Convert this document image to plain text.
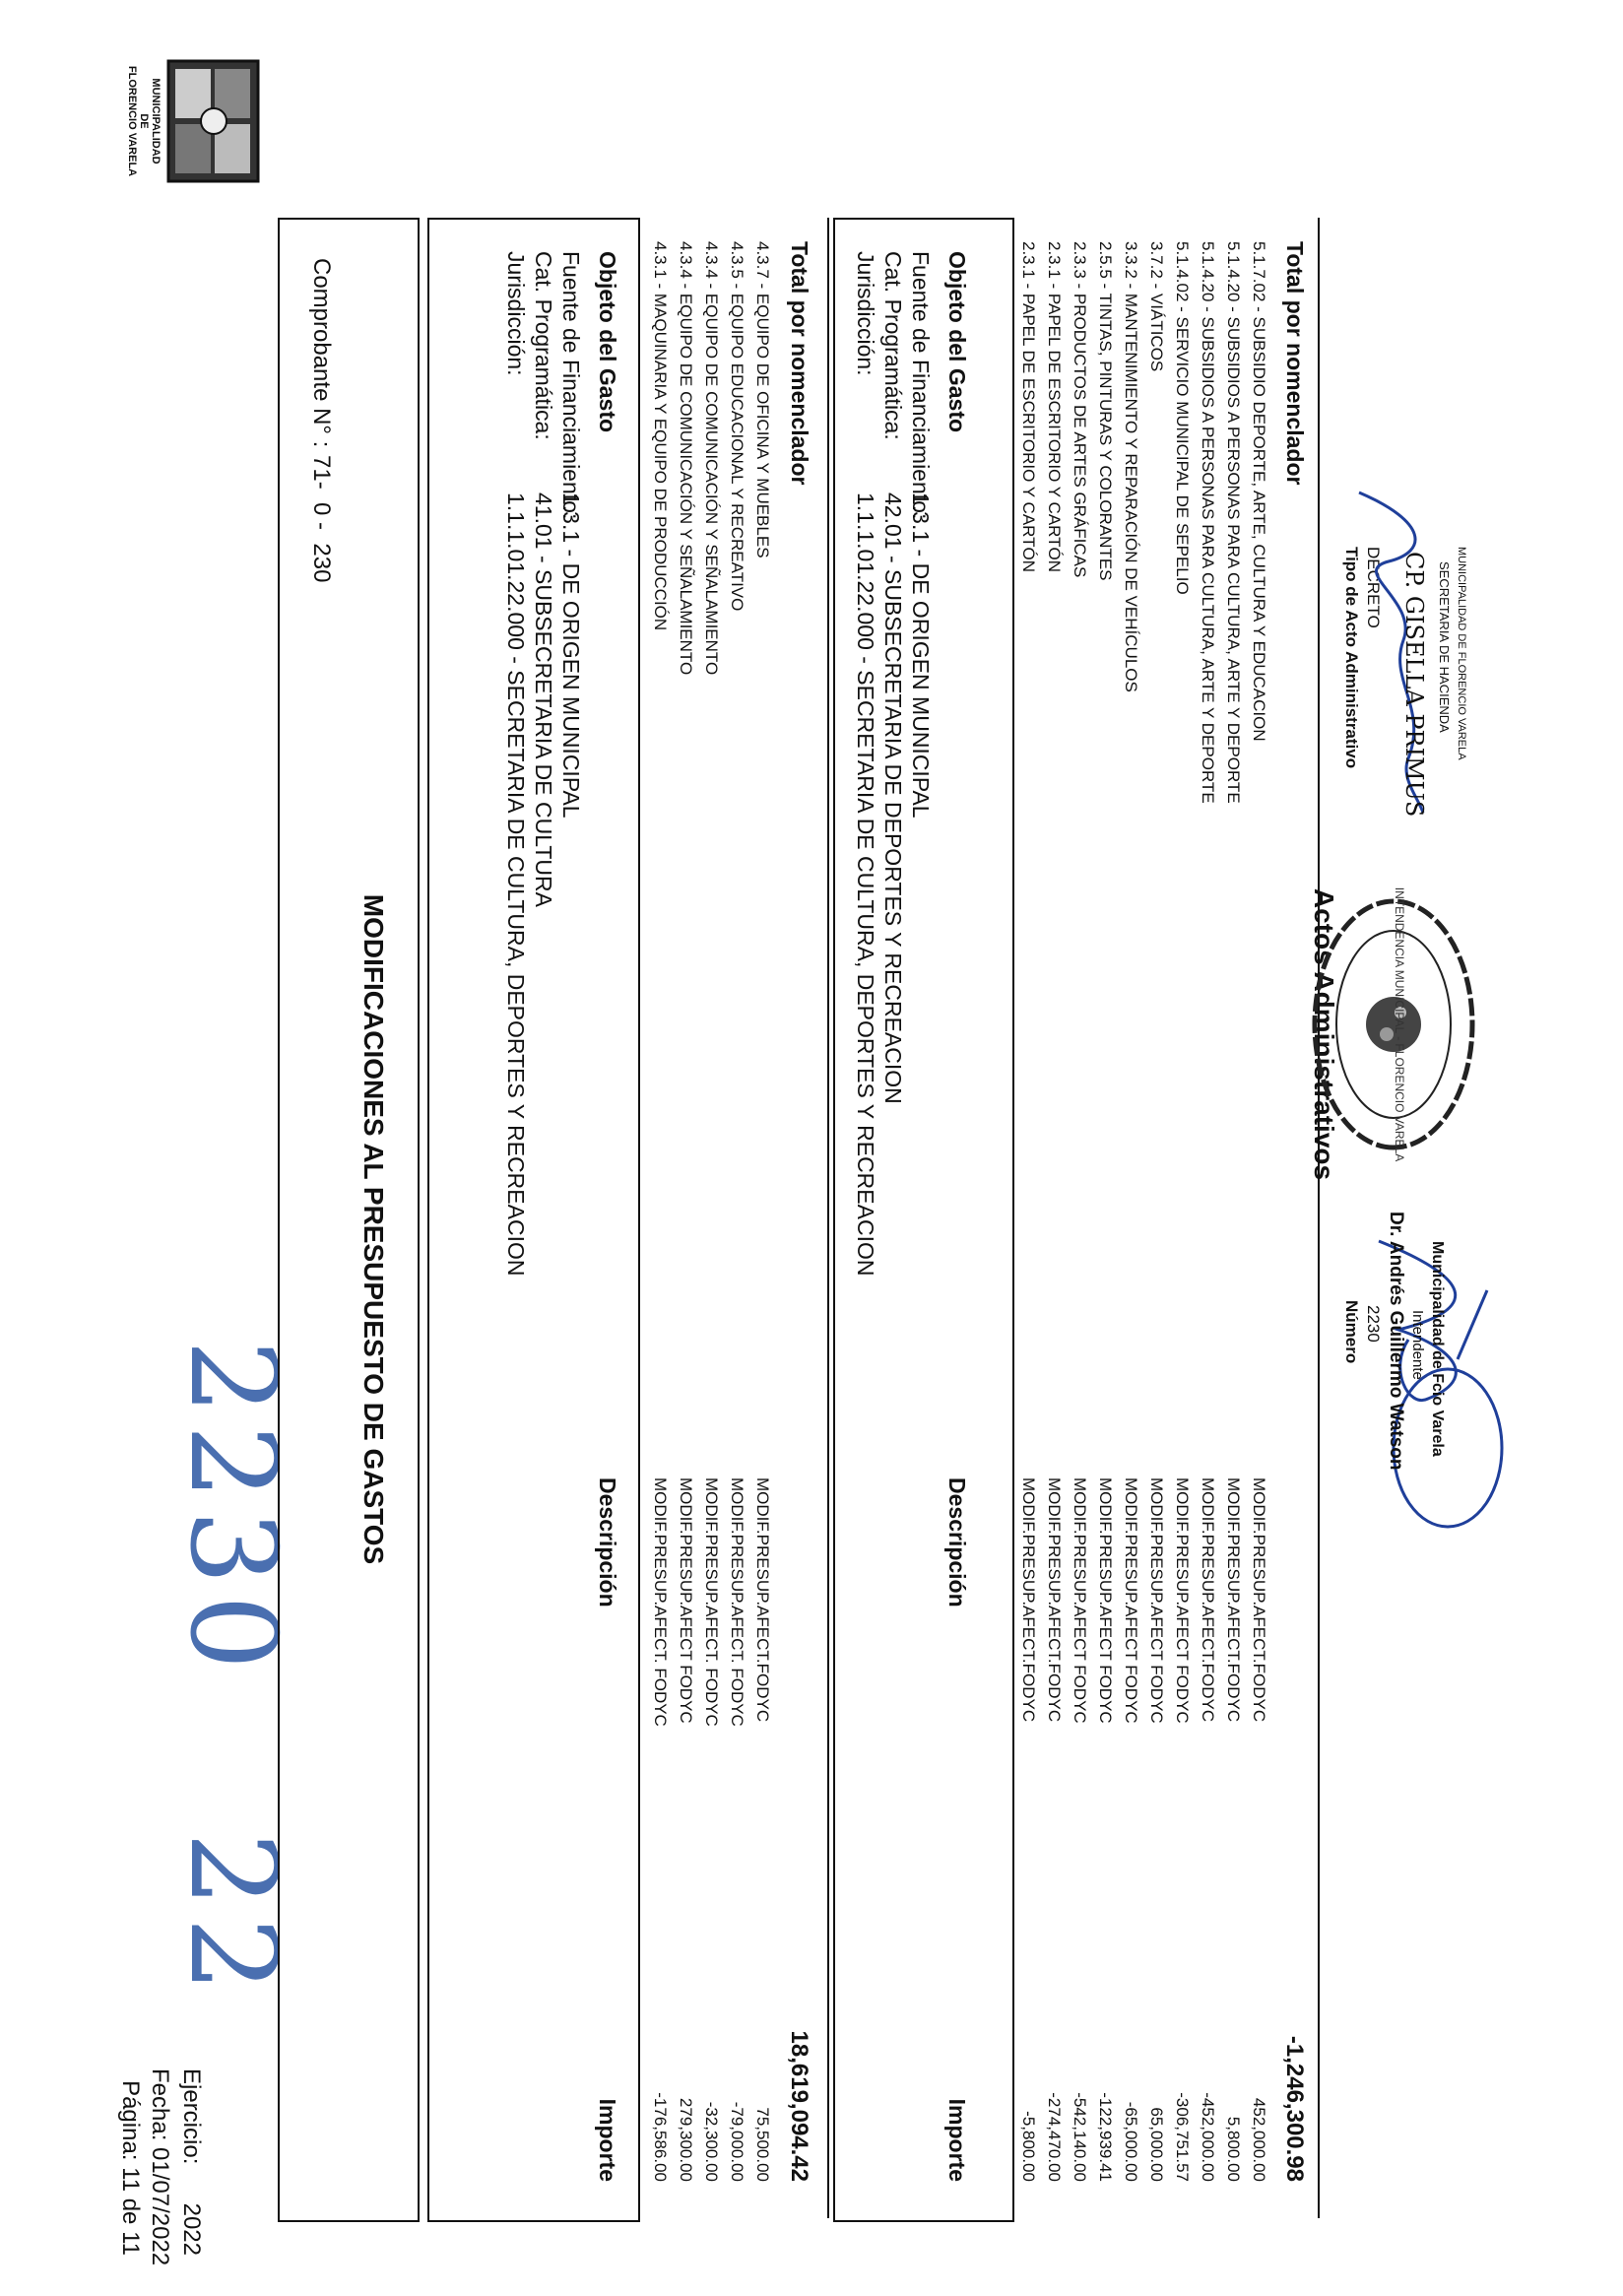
MUNICIPALIDAD
DE
FLORENCIO VARELA
2230
22
Ejercicio:
2022
Fecha: 01/07/2022
Página: 11 de 11
MODIFICACIONES AL PRESUPUESTO DE GASTOS
Comprobante N° :
71-  0 -  230
Jurisdicción:
1.1.1.01.22.000 - SECRETARIA DE CULTURA, DEPORTES Y RECREACION
Cat. Programática:
41.01 - SUBSECRETARIA DE CULTURA
Fuente de Financiamiento:
1.3.1 - DE ORIGEN MUNICIPAL
Objeto del Gasto
Descripción
Importe
4.3.1 - MAQUINARIA Y EQUIPO DE PRODUCCIÓN
MODIF.PRESUP.AFECT. FODYC
-176,586.00
4.3.4 - EQUIPO DE COMUNICACIÓN Y SEÑALAMIENTO
MODIF.PRESUP.AFECT FODYC
279,300.00
4.3.4 - EQUIPO DE COMUNICACIÓN Y SEÑALAMIENTO
MODIF.PRESUP.AFECT. FODYC
-32,300.00
4.3.5 - EQUIPO EDUCACIONAL Y RECREATIVO
MODIF.PRESUP.AFECT. FODYC
-79,000.00
4.3.7 - EQUIPO DE OFICINA Y MUEBLES
MODIF.PRESUP.AFECT.FODYC
75,500.00
Total por nomenclador
18,619,094.42
Jurisdicción:
1.1.1.01.22.000 - SECRETARIA DE CULTURA, DEPORTES Y RECREACION
Cat. Programática:
42.01 - SUBSECRETARIA DE DEPORTES Y RECREACION
Fuente de Financiamiento:
1.3.1 - DE ORIGEN MUNICIPAL
Objeto del Gasto
Descripción
Importe
2.3.1 - PAPEL DE ESCRITORIO Y CARTÓN
MODIF.PRESUP.AFECT.FODYC
-5,800.00
2.3.1 - PAPEL DE ESCRITORIO Y CARTÓN
MODIF.PRESUP.AFECT.FODYC
-274,470.00
2.3.3 - PRODUCTOS DE ARTES GRÁFICAS
MODIF.PRESUP.AFECT FODYC
-542,140.00
2.5.5 - TINTAS, PINTURAS Y COLORANTES
MODIF.PRESUP.AFECT FODYC
-122,939.41
3.3.2 - MANTENIMIENTO Y REPARACIÓN DE VEHÍCULOS
MODIF.PRESUP.AFECT FODYC
-65,000.00
3.7.2 - VIÁTICOS
MODIF.PRESUP.AFECT FODYC
65,000.00
5.1.4.02 - SERVICIO MUNICIPAL DE SEPELIO
MODIF.PRESUP.AFECT FODYC
-306,751.57
5.1.4.20 - SUBSIDIOS A PERSONAS PARA CULTURA, ARTE Y DEPORTE
MODIF.PRESUP.AFECT.FODYC
-452,000.00
5.1.4.20 - SUBSIDIOS A PERSONAS PARA CULTURA, ARTE Y DEPORTE
MODIF.PRESUP.AFECT.FODYC
5,800.00
5.1.7.02 - SUBSIDIO DEPORTE, ARTE, CULTURA Y EDUCACION
MODIF.PRESUP.AFECT.FODYC
452,000.00
Total por nomenclador
-1,246,300.98
Actos Administrativos
Tipo de Acto Administrativo DECRETO
Número 2230
CP. GISELLA PRIMUS SECRETARIA DE HACIENDA MUNICIPALIDAD DE FLORENCIO VARELA
INTENDENCIA MUNICIPAL - FLORENCIO VARELA
Dr. Andrés Guillermo Watson Intendente Municipalidad de Fcio Varela
